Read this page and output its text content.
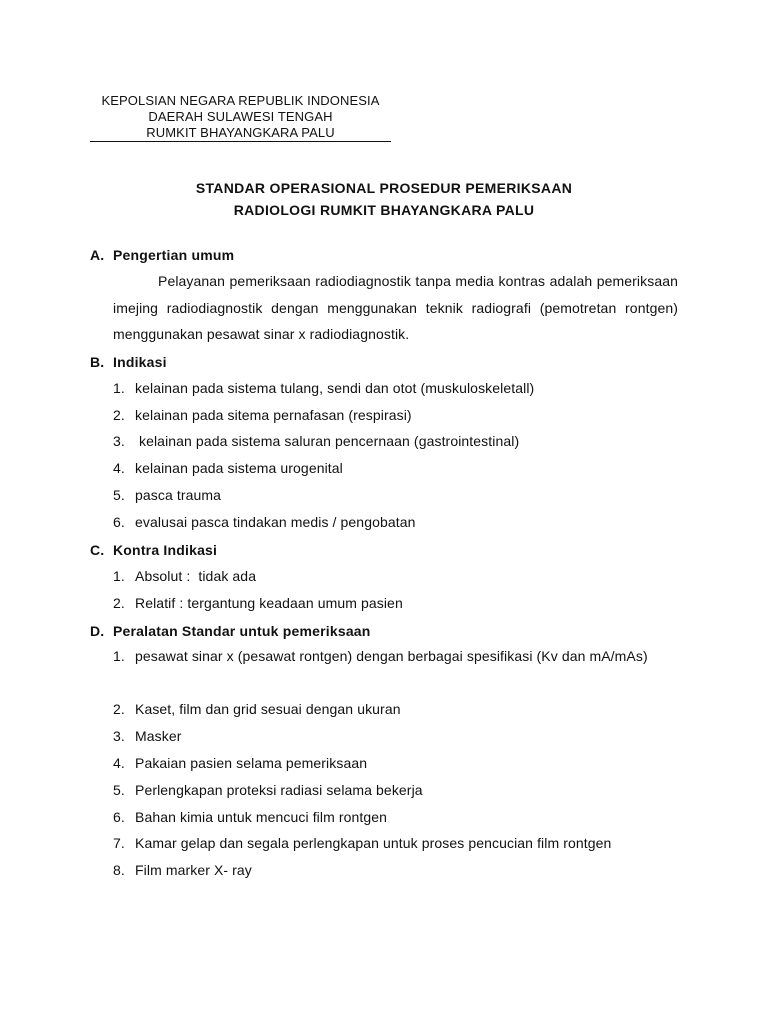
KEPOLSIAN NEGARA REPUBLIK INDONESIA
DAERAH SULAWESI TENGAH
RUMKIT BHAYANGKARA PALU
STANDAR OPERASIONAL PROSEDUR PEMERIKSAAN
RADIOLOGI RUMKIT BHAYANGKARA PALU
A. Pengertian umum
Pelayanan pemeriksaan radiodiagnostik tanpa media kontras adalah pemeriksaan imejing radiodiagnostik dengan menggunakan teknik radiografi (pemotretan rontgen) menggunakan pesawat sinar x radiodiagnostik.
B. Indikasi
1. kelainan pada sistema tulang, sendi dan otot (muskuloskeletall)
2. kelainan pada sitema pernafasan (respirasi)
3. kelainan pada sistema saluran pencernaan (gastrointestinal)
4. kelainan pada sistema urogenital
5. pasca trauma
6. evalusai pasca tindakan medis / pengobatan
C. Kontra Indikasi
1. Absolut :  tidak ada
2. Relatif : tergantung keadaan umum pasien
D. Peralatan Standar untuk pemeriksaan
1.pesawat sinar x (pesawat rontgen) dengan berbagai spesifikasi (Kv dan mA/mAs)
2. Kaset, film dan grid sesuai dengan ukuran
3. Masker
4. Pakaian pasien selama pemeriksaan
5. Perlengkapan proteksi radiasi selama bekerja
6. Bahan kimia untuk mencuci film rontgen
7. Kamar gelap dan segala perlengkapan untuk proses pencucian film rontgen
8. Film marker X- ray
